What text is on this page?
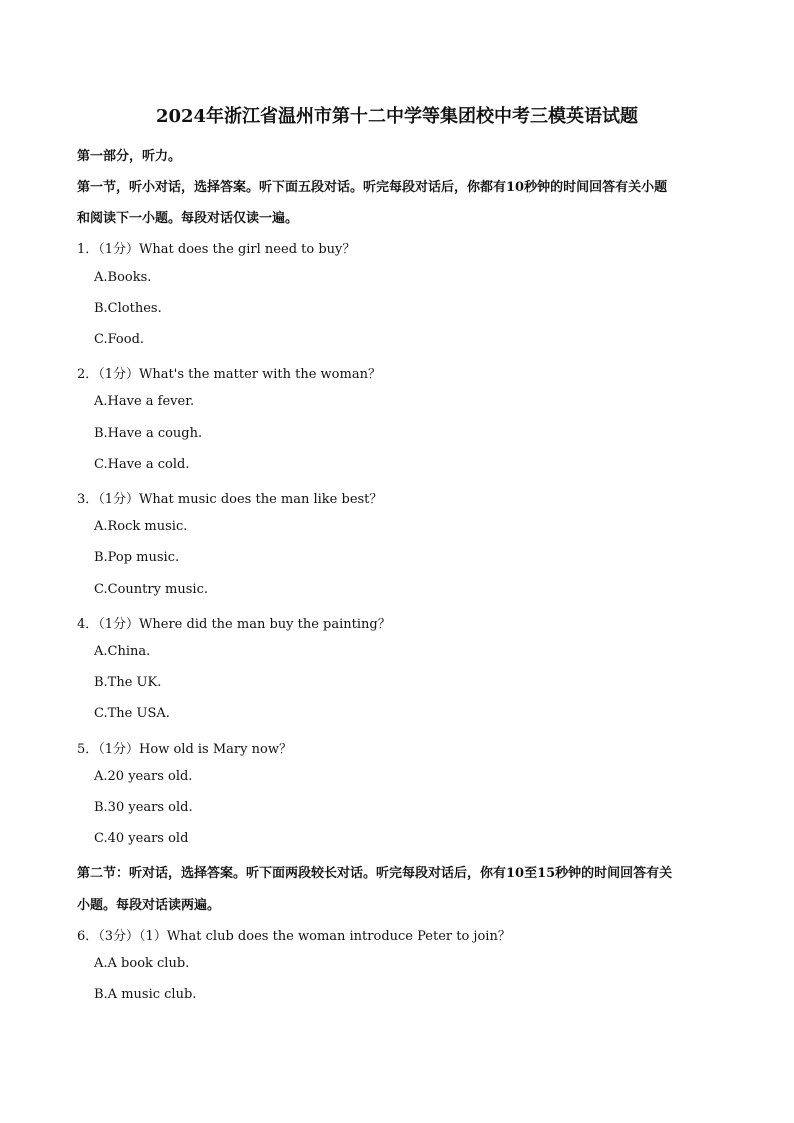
2024年浙江省温州市第十二中学等集团校中考三模英语试题
第一部分，听力。
第一节，听小对话，选择答案。听下面五段对话。听完每段对话后，你都有10秒钟的时间回答有关小题
和阅读下一小题。每段对话仅读一遍。
1．（1分）What does the girl need to buy？
A.Books.
B.Clothes.
C.Food.
2．（1分）What's the matter with the woman？
A.Have a fever.
B.Have a cough.
C.Have a cold.
3．（1分）What music does the man like best？
A.Rock music.
B.Pop music.
C.Country music.
4．（1分）Where did the man buy the painting？
A.China.
B.The UK.
C.The USA.
5．（1分）How old is Mary now？
A.20 years old.
B.30 years old.
C.40 years old
第二节：听对话，选择答案。听下面两段较长对话。听完每段对话后，你有10至15秒钟的时间回答有关
小题。每段对话读两遍。
6．（3分）（1）What club does the woman introduce Peter to join？
A.A book club.
B.A music club.
